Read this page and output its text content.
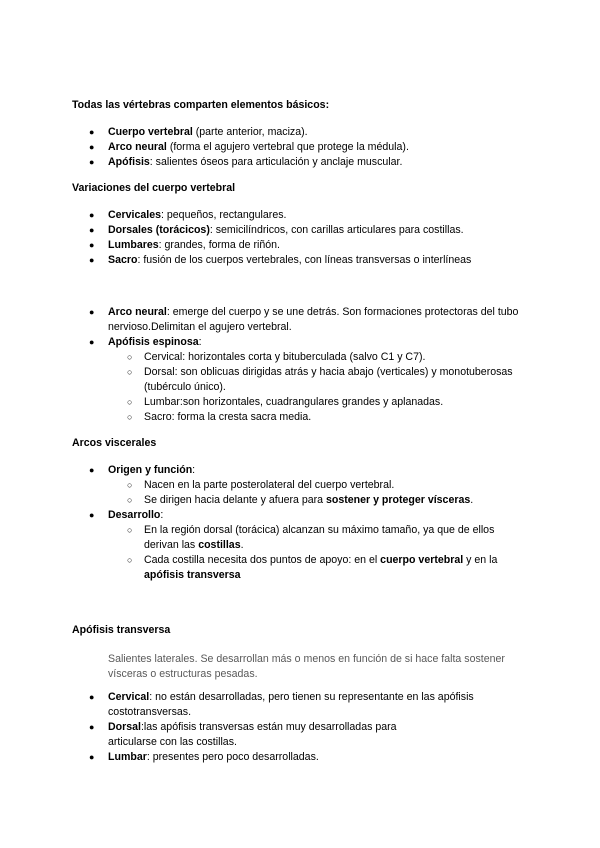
Todas las vértebras comparten elementos básicos:

● Cuerpo vertebral (parte anterior, maciza).
● Arco neural (forma el agujero vertebral que protege la médula).
● Apófisis: salientes óseos para articulación y anclaje muscular.

Variaciones del cuerpo vertebral

● Cervicales: pequeños, rectangulares.
● Dorsales (torácicos): semicilíndricos, con carillas articulares para costillas.
● Lumbares: grandes, forma de riñón.
● Sacro: fusión de los cuerpos vertebrales, con líneas transversas o interlíneas
● Arco neural: emerge del cuerpo y se une detrás. Son formaciones protectoras del tubo nervioso.Delimitan el agujero vertebral.
● Apófisis espinosa:
○ Cervical: horizontales corta y bituberculada (salvo C1 y C7).
○ Dorsal: son oblicuas dirigidas atrás y hacia abajo (verticales) y monotuberosas (tubérculo único).
○ Lumbar:son horizontales, cuadrangulares grandes y aplanadas.
○ Sacro: forma la cresta sacra media.

Arcos viscerales

● Origen y función:
○ Nacen en la parte posterolateral del cuerpo vertebral.
○ Se dirigen hacia delante y afuera para sostener y proteger vísceras.
● Desarrollo:
○ En la región dorsal (torácica) alcanzan su máximo tamaño, ya que de ellos derivan las costillas.
○ Cada costilla necesita dos puntos de apoyo: en el cuerpo vertebral y en la apófisis transversa

Apófisis transversa

Salientes laterales. Se desarrollan más o menos en función de si hace falta sostener vísceras o estructuras pesadas.

● Cervical: no están desarrolladas, pero tienen su representante en las apófisis costotransversas.
● Dorsal:las apófisis transversas están muy desarrolladas para articularse con las costillas.
● Lumbar: presentes pero poco desarrolladas.
